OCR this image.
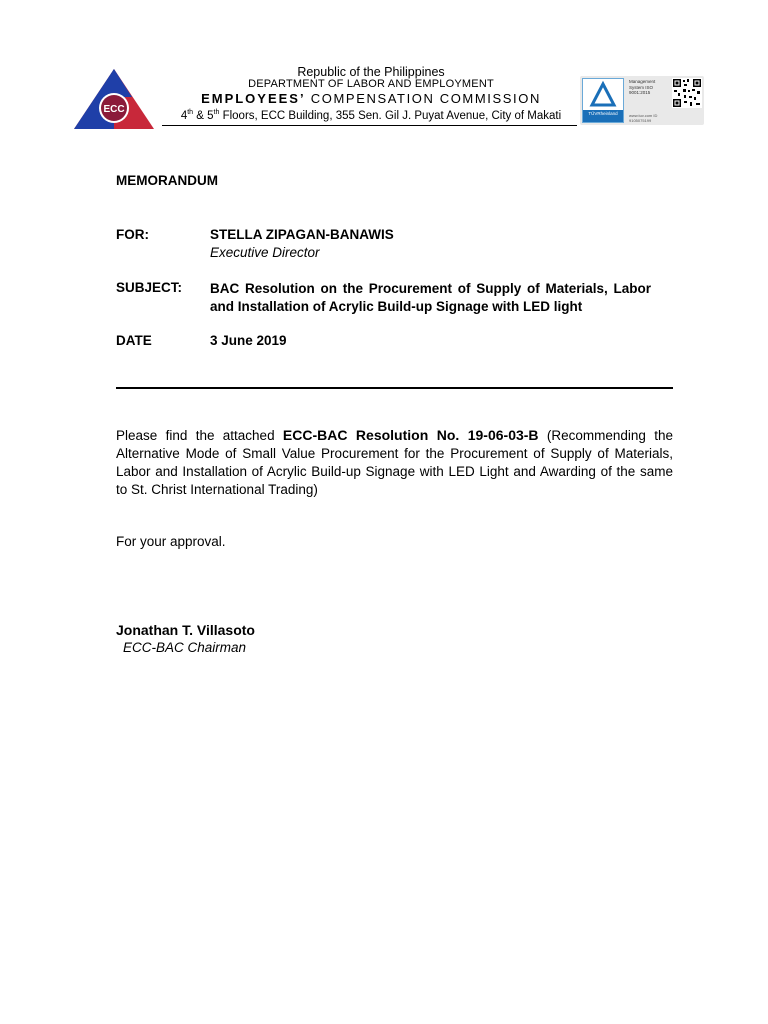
ECC
Republic of the Philippines
DEPARTMENT OF LABOR AND EMPLOYMENT
EMPLOYEES’ COMPENSATION COMMISSION
4th & 5th Floors, ECC Building, 355 Sen. Gil J. Puyat Avenue, City of Makati	TÜVRheinland
Management System ISO 9001:2015
www.tuv.com ID 9105075199
MEMORANDUM
FOR:	STELLA ZIPAGAN-BANAWIS
Executive Director
SUBJECT: BAC Resolution on the Procurement of Supply of Materials, Labor and Installation of Acrylic Build-up Signage with LED light
DATE	3 June 2019
Please find the attached ECC-BAC Resolution No. 19-06-03-B (Recommending the Alternative Mode of Small Value Procurement for the Procurement of Supply of Materials, Labor and Installation of Acrylic Build-up Signage with LED Light and Awarding of the same to St. Christ International Trading)
For your approval.
Jonathan T. Villasoto
ECC-BAC Chairman
